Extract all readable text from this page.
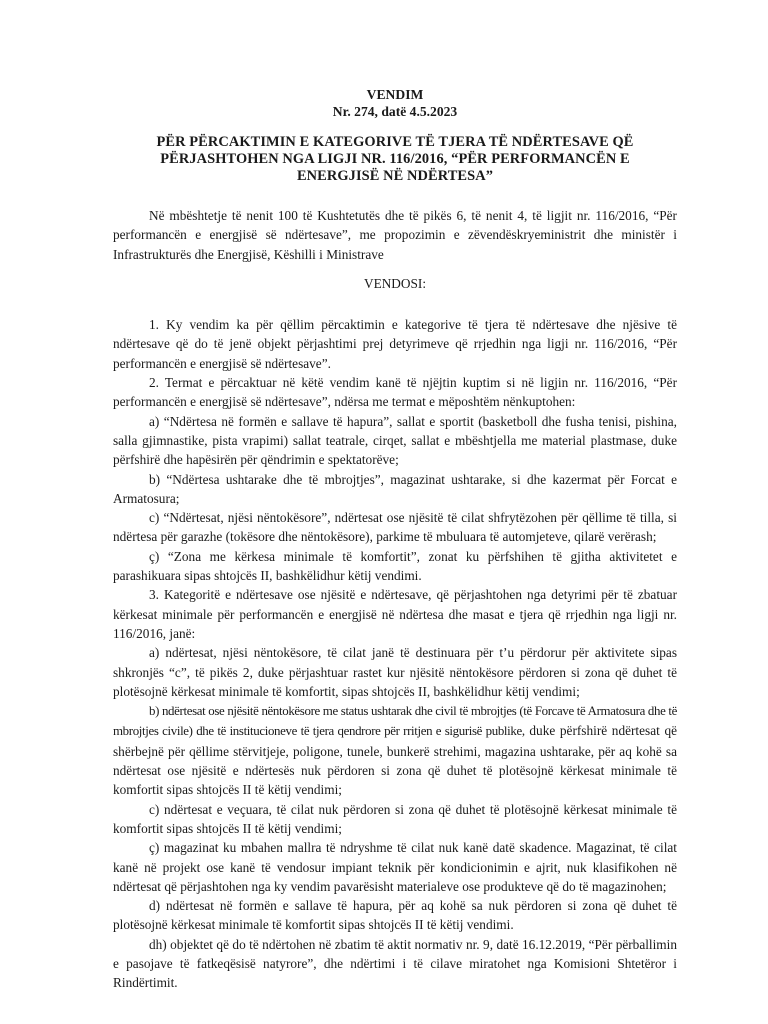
VENDIM
Nr. 274, datë 4.5.2023
PËR PËRCAKTIMIN E KATEGORIVE TË TJERA TË NDËRTESAVE QË
PËRJASHTOHEN NGA LIGJI NR. 116/2016, “PËR PERFORMANCËN E
ENERGJISË NË NDËRTESA”

Në mbështetje të nenit 100 të Kushtetutës dhe të pikës 6, të nenit 4, të ligjit nr. 116/2016, “Për performancën e energjisë së ndërtesave”, me propozimin e zëvendëskryeministrit dhe ministër i Infrastrukturës dhe Energjisë, Këshilli i Ministrave

VENDOSI:

1. Ky vendim ka për qëllim përcaktimin e kategorive të tjera të ndërtesave dhe njësive të ndërtesave që do të jenë objekt përjashtimi prej detyrimeve që rrjedhin nga ligji nr. 116/2016, “Për performancën e energjisë së ndërtesave”.

2. Termat e përcaktuar në këtë vendim kanë të njëjtin kuptim si në ligjin nr. 116/2016, “Për performancën e energjisë së ndërtesave”, ndërsa me termat e mëposhtëm nënkuptohen:

a) “Ndërtesa në formën e sallave të hapura”, sallat e sportit (basketboll dhe fusha tenisi, pishina, salla gjimnastike, pista vrapimi) sallat teatrale, cirqet, sallat e mbështjella me material plastmase, duke përfshirë dhe hapësirën për qëndrimin e spektatorëve;

b) “Ndërtesa ushtarake dhe të mbrojtjes”, magazinat ushtarake, si dhe kazermat për Forcat e Armatosura;

c) “Ndërtesat, njësi nëntokësore”, ndërtesat ose njësitë të cilat shfrytëzohen për qëllime të tilla, si ndërtesa për garazhe (tokësore dhe nëntokësore), parkime të mbuluara të automjeteve, qilarë verërash;

ç) “Zona me kërkesa minimale të komfortit”, zonat ku përfshihen të gjitha aktivitetet e parashikuara sipas shtojcës II, bashkëlidhur këtij vendimi.

3. Kategoritë e ndërtesave ose njësitë e ndërtesave, që përjashtohen nga detyrimi për të zbatuar kërkesat minimale për performancën e energjisë në ndërtesa dhe masat e tjera që rrjedhin nga ligji nr. 116/2016, janë:

a) ndërtesat, njësi nëntokësore, të cilat janë të destinuara për t’u përdorur për aktivitete sipas shkronjës “c”, të pikës 2, duke përjashtuar rastet kur njësitë nëntokësore përdoren si zona që duhet të plotësojnë kërkesat minimale të komfortit, sipas shtojcës II, bashkëlidhur këtij vendimi;

b) ndërtesat ose njësitë nëntokësore me status ushtarak dhe civil të mbrojtjes (të Forcave të Armatosura dhe të mbrojtjes civile) dhe të institucioneve të tjera qendrore për rritjen e sigurisë publike, duke përfshirë ndërtesat që shërbejnë për qëllime stërvitjeje, poligone, tunele, bunkerë strehimi, magazina ushtarake, për aq kohë sa ndërtesat ose njësitë e ndërtesës nuk përdoren si zona që duhet të plotësojnë kërkesat minimale të komfortit sipas shtojcës II të këtij vendimi;

c) ndërtesat e veçuara, të cilat nuk përdoren si zona që duhet të plotësojnë kërkesat minimale të komfortit sipas shtojcës II të këtij vendimi;

ç) magazinat ku mbahen mallra të ndryshme të cilat nuk kanë datë skadence. Magazinat, të cilat kanë në projekt ose kanë të vendosur impiant teknik për kondicionimin e ajrit, nuk klasifikohen në ndërtesat që përjashtohen nga ky vendim pavarësisht materialeve ose produkteve që do të magazinohen;

d) ndërtesat në formën e sallave të hapura, për aq kohë sa nuk përdoren si zona që duhet të plotësojnë kërkesat minimale të komfortit sipas shtojcës II të këtij vendimi.

dh) objektet që do të ndërtohen në zbatim të aktit normativ nr. 9, datë 16.12.2019, “Për përballimin e pasojave të fatkeqësisë natyrore”, dhe ndërtimi i të cilave miratohet nga Komisioni Shtetëror i Rindërtimit.
